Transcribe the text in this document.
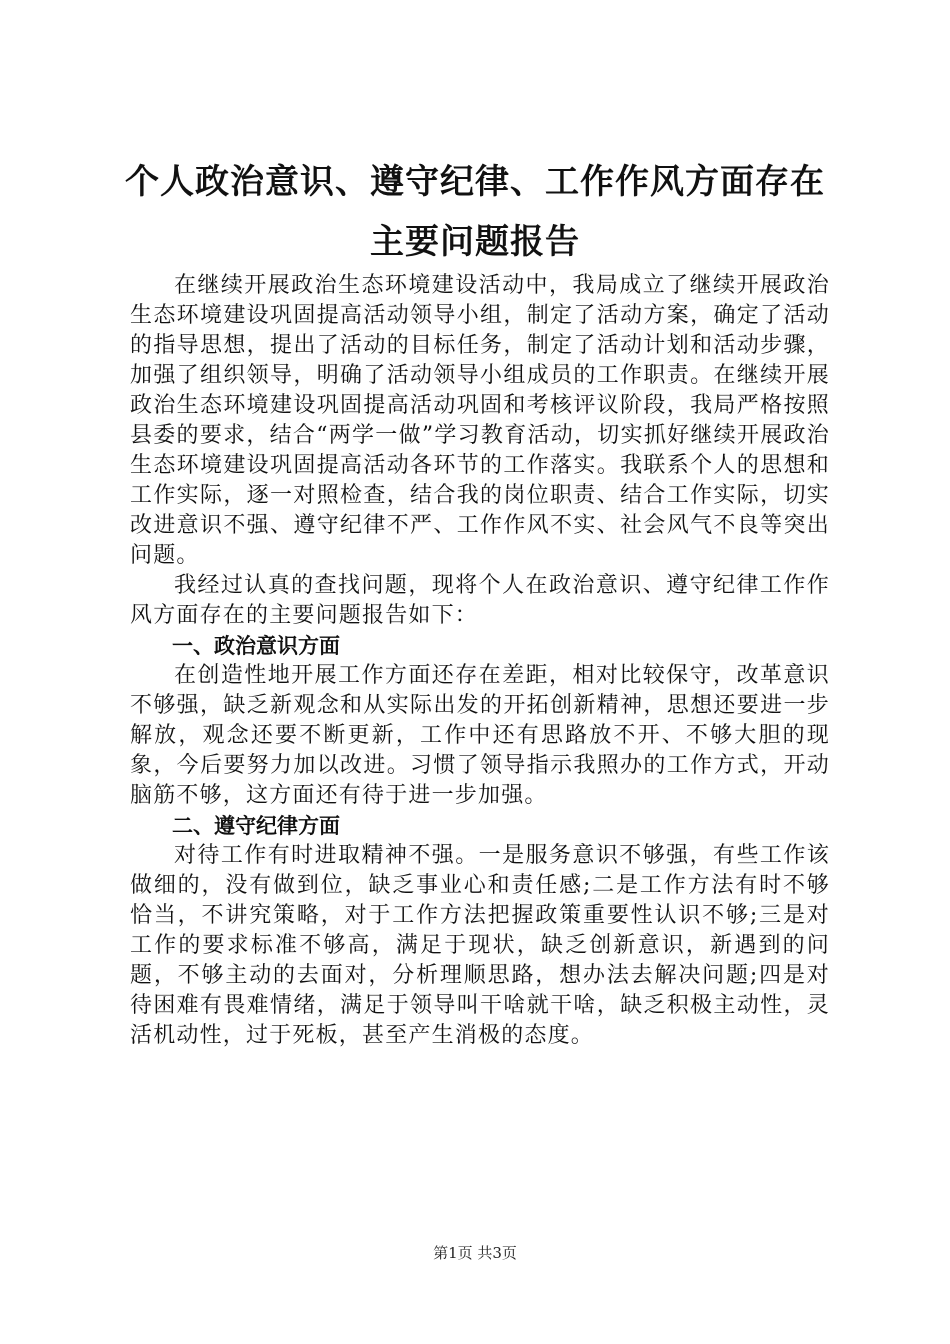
个人政治意识、遵守纪律、工作作风方面存在
主要问题报告

在继续开展政治生态环境建设活动中，我局成立了继续开展政治生态环境建设巩固提高活动领导小组，制定了活动方案，确定了活动的指导思想，提出了活动的目标任务，制定了活动计划和活动步骤，加强了组织领导，明确了活动领导小组成员的工作职责。在继续开展政治生态环境建设巩固提高活动巩固和考核评议阶段，我局严格按照县委的要求，结合“两学一做”学习教育活动，切实抓好继续开展政治生态环境建设巩固提高活动各环节的工作落实。我联系个人的思想和工作实际，逐一对照检查，结合我的岗位职责、结合工作实际，切实改进意识不强、遵守纪律不严、工作作风不实、社会风气不良等突出问题。

我经过认真的查找问题，现将个人在政治意识、遵守纪律工作作风方面存在的主要问题报告如下：

一、政治意识方面

在创造性地开展工作方面还存在差距，相对比较保守，改革意识不够强，缺乏新观念和从实际出发的开拓创新精神，思想还要进一步解放，观念还要不断更新，工作中还有思路放不开、不够大胆的现象，今后要努力加以改进。习惯了领导指示我照办的工作方式，开动脑筋不够，这方面还有待于进一步加强。

二、遵守纪律方面

对待工作有时进取精神不强。一是服务意识不够强，有些工作该做细的，没有做到位，缺乏事业心和责任感;二是工作方法有时不够恰当，不讲究策略，对于工作方法把握政策重要性认识不够;三是对工作的要求标准不够高，满足于现状，缺乏创新意识，新遇到的问题，不够主动的去面对，分析理顺思路，想办法去解决问题;四是对待困难有畏难情绪，满足于领导叫干啥就干啥，缺乏积极主动性，灵活机动性，过于死板，甚至产生消极的态度。

第1页 共3页
